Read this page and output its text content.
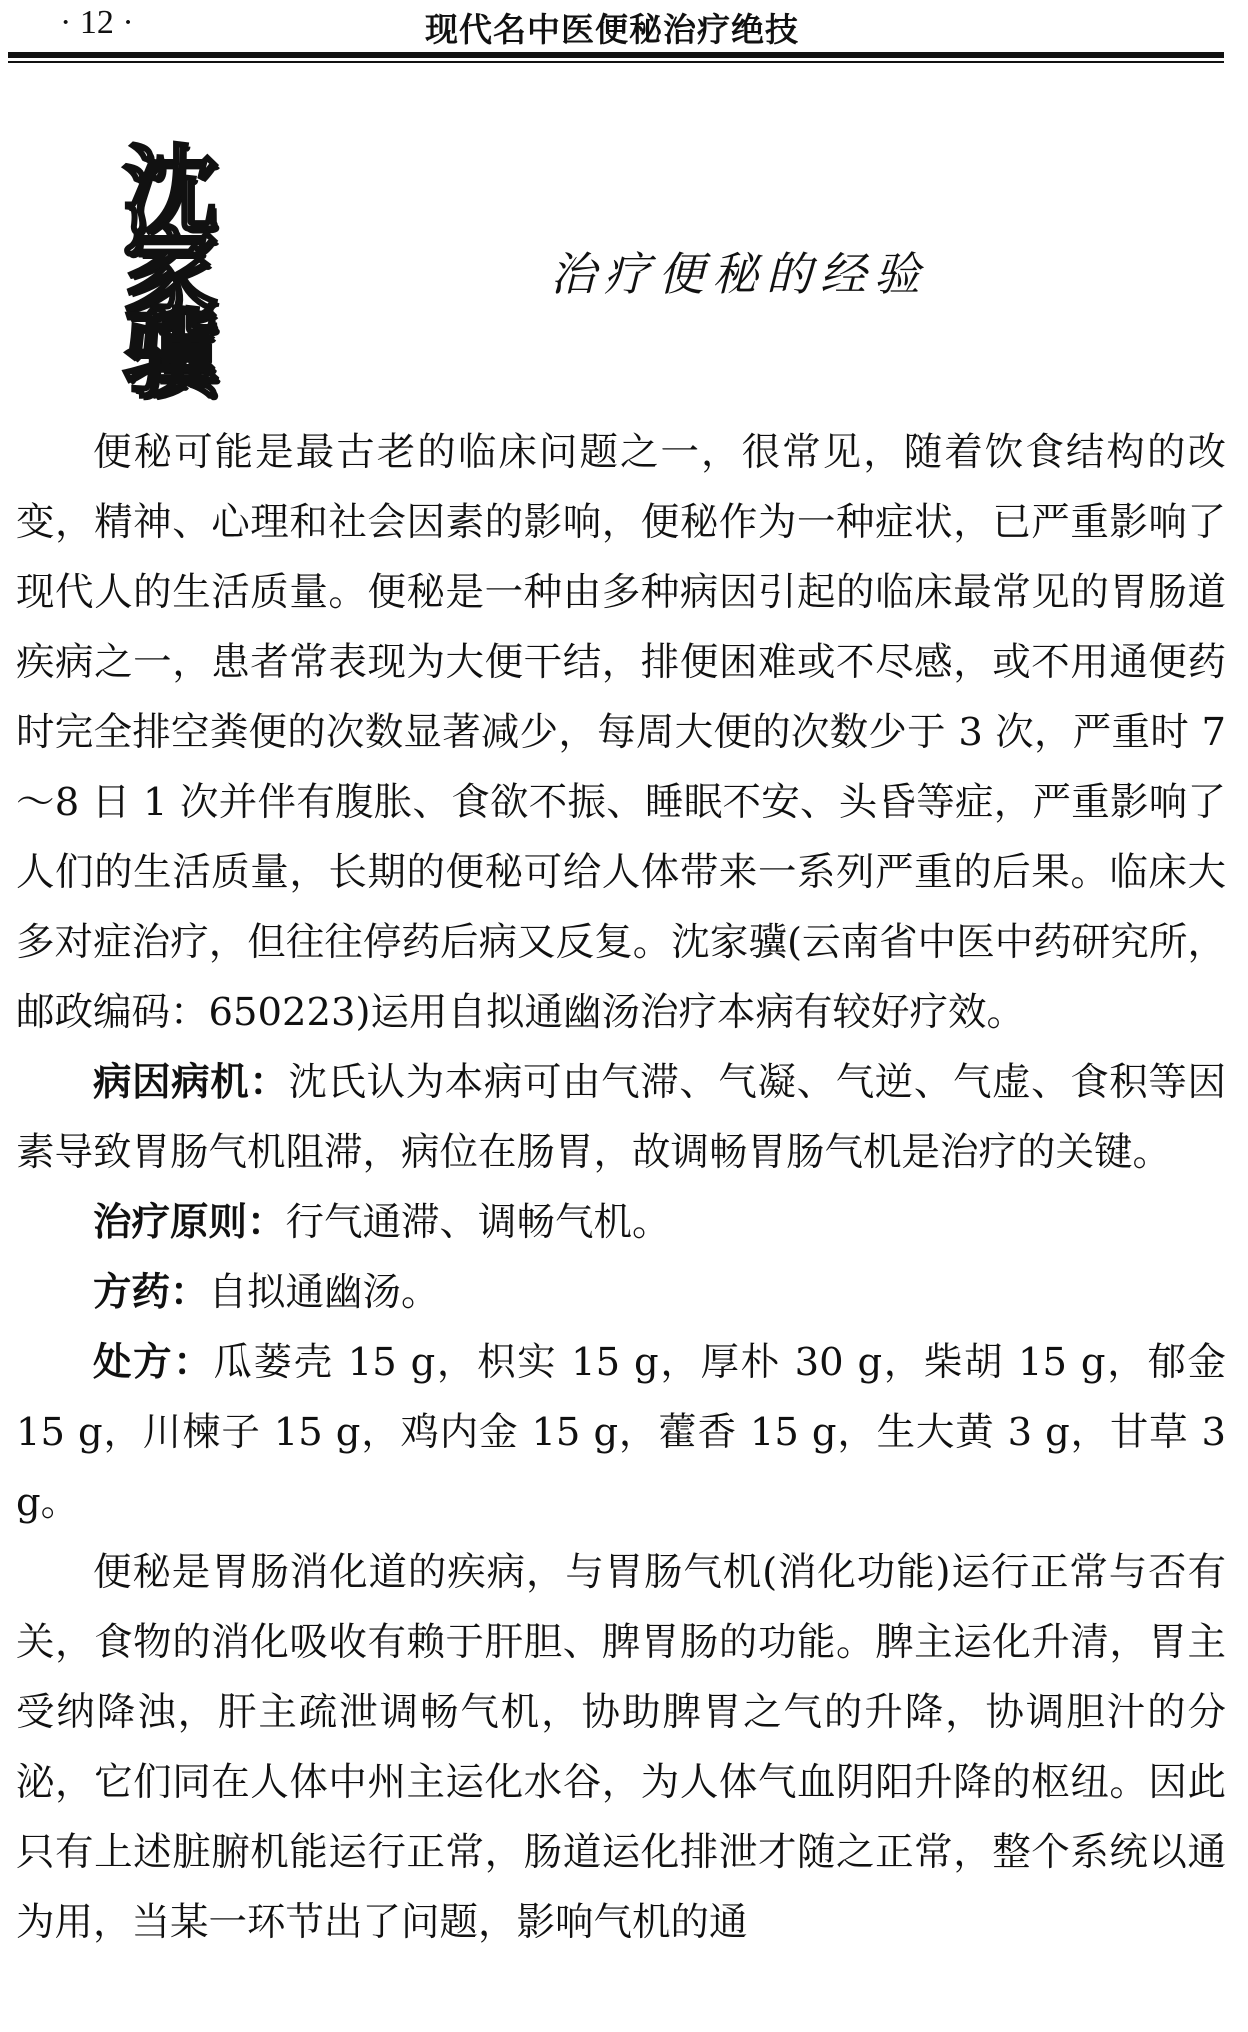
· 12 ·	现代名中医便秘治疗绝技
沈
家
骥
治疗便秘的经验

便秘可能是最古老的临床问题之一，很常见，随着饮食结构的改变，精神、心理和社会因素的影响，便秘作为一种症状，已严重影响了现代人的生活质量。便秘是一种由多种病因引起的临床最常见的胃肠道疾病之一，患者常表现为大便干结，排便困难或不尽感，或不用通便药时完全排空粪便的次数显著减少，每周大便的次数少于 3 次，严重时 7～8 日 1 次并伴有腹胀、食欲不振、睡眠不安、头昏等症，严重影响了人们的生活质量，长期的便秘可给人体带来一系列严重的后果。临床大多对症治疗，但往往停药后病又反复。沈家骥(云南省中医中药研究所，邮政编码：650223)运用自拟通幽汤治疗本病有较好疗效。

病因病机：沈氏认为本病可由气滞、气凝、气逆、气虚、食积等因素导致胃肠气机阻滞，病位在肠胃，故调畅胃肠气机是治疗的关键。

治疗原则：行气通滞、调畅气机。

方药：自拟通幽汤。

处方：瓜蒌壳 15 g，枳实 15 g，厚朴 30 g，柴胡 15 g，郁金 15 g，川楝子 15 g，鸡内金 15 g，藿香 15 g，生大黄 3 g，甘草 3 g。

便秘是胃肠消化道的疾病，与胃肠气机(消化功能)运行正常与否有关，食物的消化吸收有赖于肝胆、脾胃肠的功能。脾主运化升清，胃主受纳降浊，肝主疏泄调畅气机，协助脾胃之气的升降，协调胆汁的分泌，它们同在人体中州主运化水谷，为人体气血阴阳升降的枢纽。因此只有上述脏腑机能运行正常，肠道运化排泄才随之正常，整个系统以通为用，当某一环节出了问题，影响气机的通
